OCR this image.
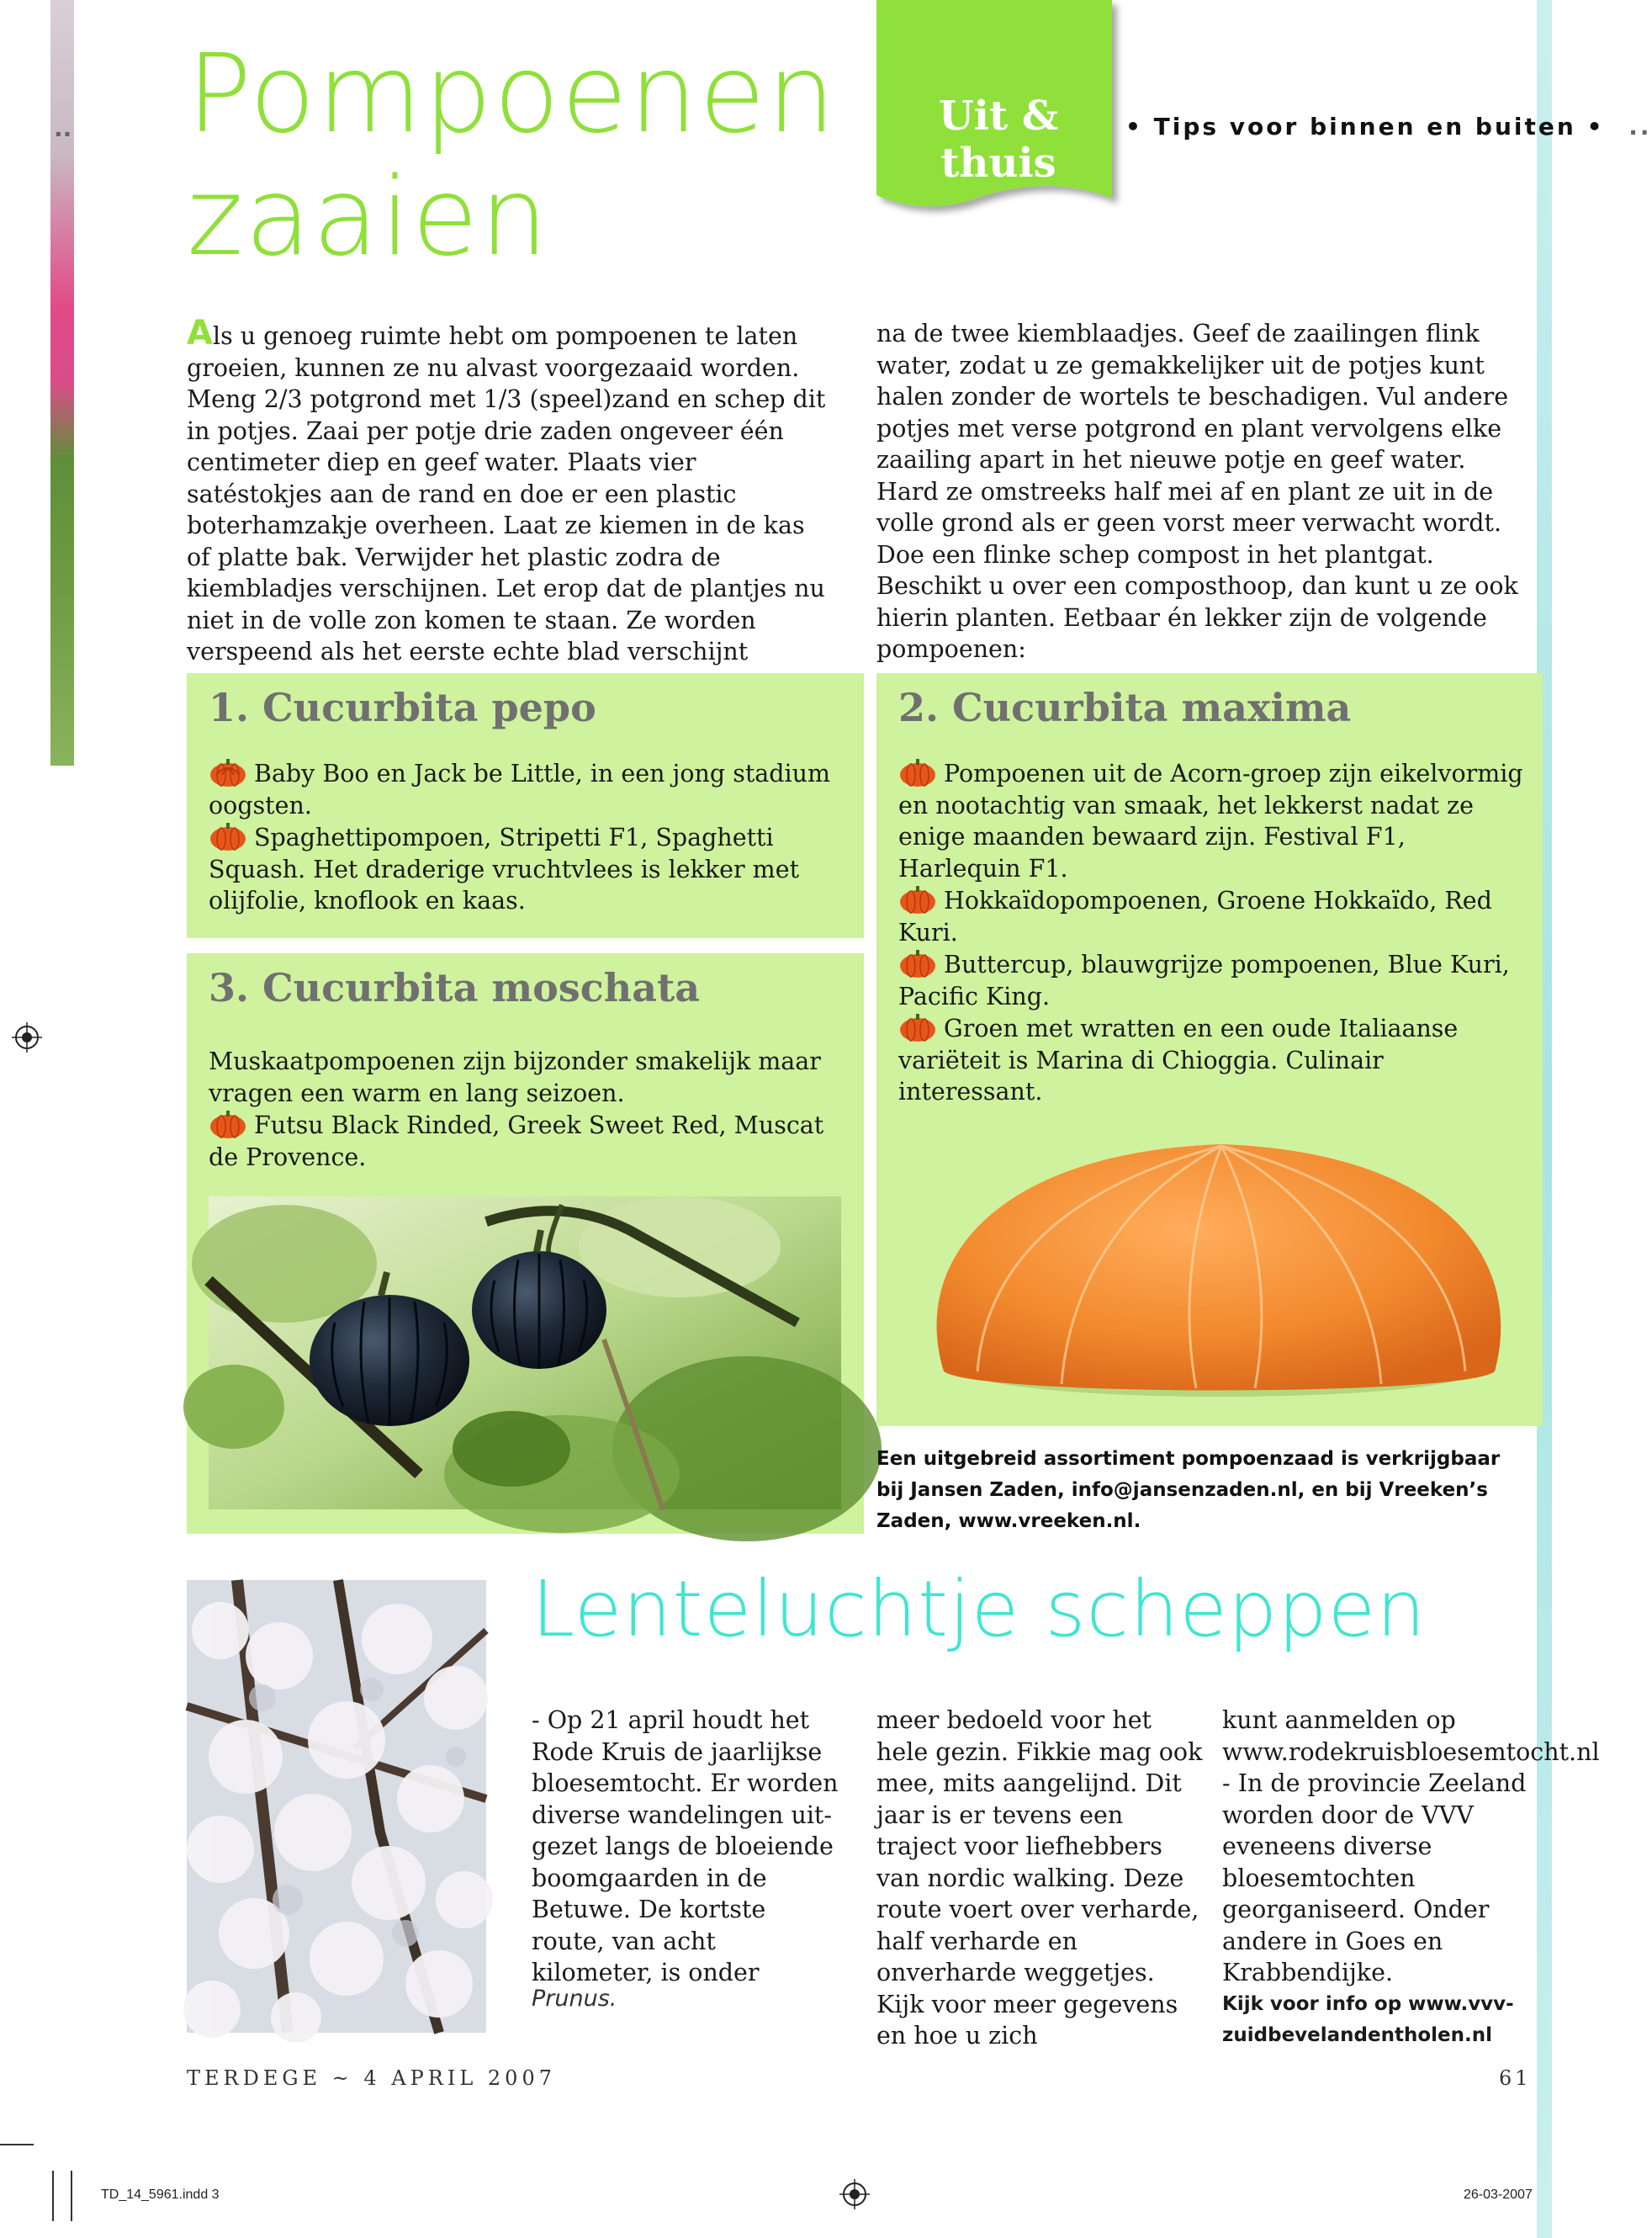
.. Pompoenen
zaaien
Uit & thuis
• Tips voor binnen en buiten • ..
Als u genoeg ruimte hebt om pompoenen te laten groeien, kunnen ze nu alvast voorgezaaid worden. Meng 2/3 potgrond met 1/3 (speel)zand en schep dit in potjes. Zaai per potje drie zaden ongeveer één centimeter diep en geef water. Plaats vier satéstokjes aan de rand en doe er een plastic boterhamzakje overheen. Laat ze kiemen in de kas of platte bak. Verwijder het plastic zodra de kiembladjes verschijnen. Let erop dat de plantjes nu niet in de volle zon komen te staan. Ze worden verspeend als het eerste echte blad verschijnt
na de twee kiemblaadjes. Geef de zaailingen flink water, zodat u ze gemakkelijker uit de potjes kunt halen zonder de wortels te beschadigen. Vul andere potjes met verse potgrond en plant vervolgens elke zaailing apart in het nieuwe potje en geef water. Hard ze omstreeks half mei af en plant ze uit in de volle grond als er geen vorst meer verwacht wordt. Doe een flinke schep compost in het plantgat. Beschikt u over een composthoop, dan kunt u ze ook hierin planten. Eetbaar én lekker zijn de volgende pompoenen:
1. Cucurbita pepo

Baby Boo en Jack be Little, in een jong stadium oogsten.

Spaghettipompoen, Stripetti F1, Spaghetti Squash. Het draderige vruchtvlees is lekker met olijfolie, knoflook en kaas.

3. Cucurbita moschata

Muskaatpompoenen zijn bijzonder smakelijk maar vragen een warm en lang seizoen.

Futsu Black Rinded, Greek Sweet Red, Muscat de Provence.

2. Cucurbita maxima

Pompoenen uit de Acorn-groep zijn eikelvormig en nootachtig van smaak, het lekkerst nadat ze enige maanden bewaard zijn. Festival F1, Harlequin F1.

Hokkaïdopompoenen, Groene Hokkaïdo, Red Kuri.

Buttercup, blauwgrijze pompoenen, Blue Kuri, Pacific King.

Groen met wratten en een oude Italiaanse variëteit is Marina di Chioggia. Culinair interessant.

Een uitgebreid assortiment pompoenzaad is verkrijgbaar bij Jansen Zaden, info@jansenzaden.nl, en bij Vreeken’s Zaden, www.vreeken.nl.
Lenteluchtje scheppen
- Op 21 april houdt het Rode Kruis de jaarlijkse bloesemtocht. Er worden diverse wandelingen uit-gezet langs de bloeiende boomgaarden in de Betuwe. De kortste route, van acht kilometer, is onder
Prunus.
meer bedoeld voor het hele gezin. Fikkie mag ook mee, mits aangelijnd. Dit jaar is er tevens een traject voor liefhebbers van nordic walking. Deze route voert over verharde, half verharde en onverharde weggetjes. Kijk voor meer gegevens en hoe u zich
kunt aanmelden op www.rodekruisbloesemtocht.nl - In de provincie Zeeland worden door de VVV eveneens diverse bloesemtochten georganiseerd. Onder andere in Goes en Krabbendijke.
Kijk voor info op www.vvv-zuidbevelandentholen.nl
TERDEGE ~ 4 APRIL 2007	61
TD_14_5961.indd 3	26-03-2007
